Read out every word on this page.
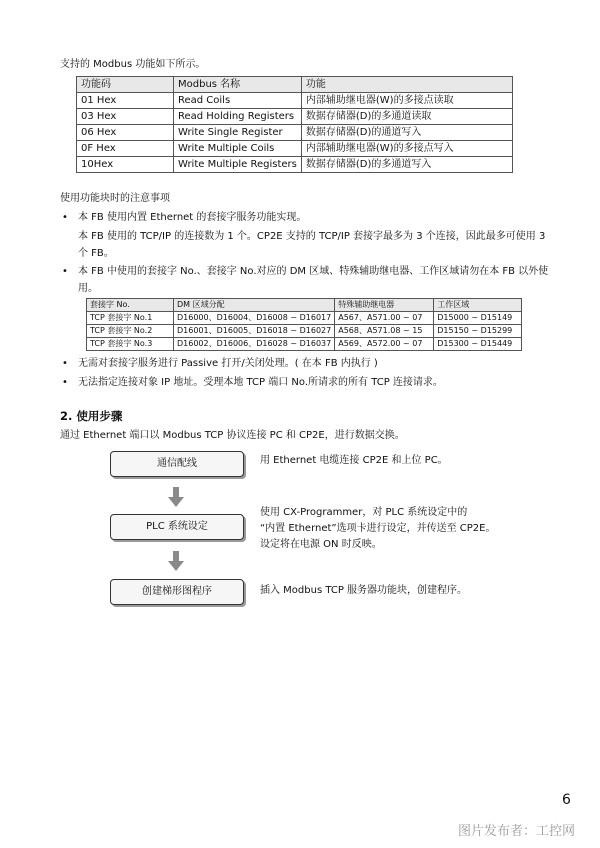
支持的 Modbus 功能如下所示。
功能码	Modbus 名称	功能
01 Hex	Read Coils	内部辅助继电器(W)的多接点读取
03 Hex	Read Holding Registers	数据存储器(D)的多通道读取
06 Hex	Write Single Register	数据存储器(D)的通道写入
0F Hex	Write Multiple Coils	内部辅助继电器(W)的多接点写入
10Hex	Write Multiple Registers	数据存储器(D)的多通道写入
使用功能块时的注意事项
• 本 FB 使用内置 Ethernet 的套接字服务功能实现。
本 FB 使用的 TCP/IP 的连接数为 1 个。CP2E 支持的 TCP/IP 套接字最多为 3 个连接，因此最多可使用 3
个 FB。
• 本 FB 中使用的套接字 No.、套接字 No.对应的 DM 区域、特殊辅助继电器、工作区域请勿在本 FB 以外使
用。
套接字 No.	DM 区域分配	特殊辅助继电器	工作区域
TCP 套接字 No.1	D16000、D16004、D16008 ~ D16017	A567、A571.00 ~ 07	D15000 ~ D15149
TCP 套接字 No.2	D16001、D16005、D16018 ~ D16027	A568、A571.08 ~ 15	D15150 ~ D15299
TCP 套接字 No.3	D16002、D16006、D16028 ~ D16037	A569、A572.00 ~ 07	D15300 ~ D15449
• 无需对套接字服务进行 Passive 打开/关闭处理。( 在本 FB 内执行 )
• 无法指定连接对象 IP 地址。受理本地 TCP 端口 No.所请求的所有 TCP 连接请求。
2. 使用步骤
通过 Ethernet 端口以 Modbus TCP 协议连接 PC 和 CP2E，进行数据交换。
通信配线	用 Ethernet 电缆连接 CP2E 和上位 PC。
PLC 系统设定
使用 CX-Programmer，对 PLC 系统设定中的
“内置 Ethernet”选项卡进行设定，并传送至 CP2E。
设定将在电源 ON 时反映。
创建梯形图程序	插入 Modbus TCP 服务器功能块，创建程序。
6
图片发布者：工控网
